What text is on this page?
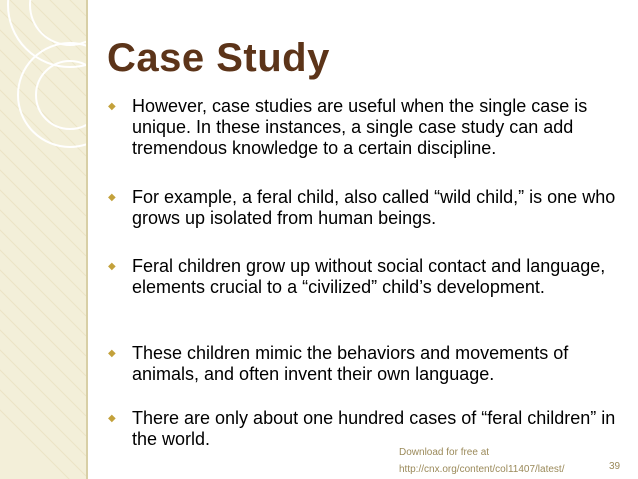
Case Study
◆ However, case studies are useful when the single case is unique. In these instances, a single case study can add tremendous knowledge to a certain discipline.
◆ For example, a feral child, also called “wild child,” is one who grows up isolated from human beings.
◆ Feral children grow up without social contact and language, elements crucial to a “civilized” child’s development.
◆ These children mimic the behaviors and movements of animals, and often invent their own language.
◆ There are only about one hundred cases of “feral children” in the world.
Download for free at
http://cnx.org/content/col11407/latest/	39
